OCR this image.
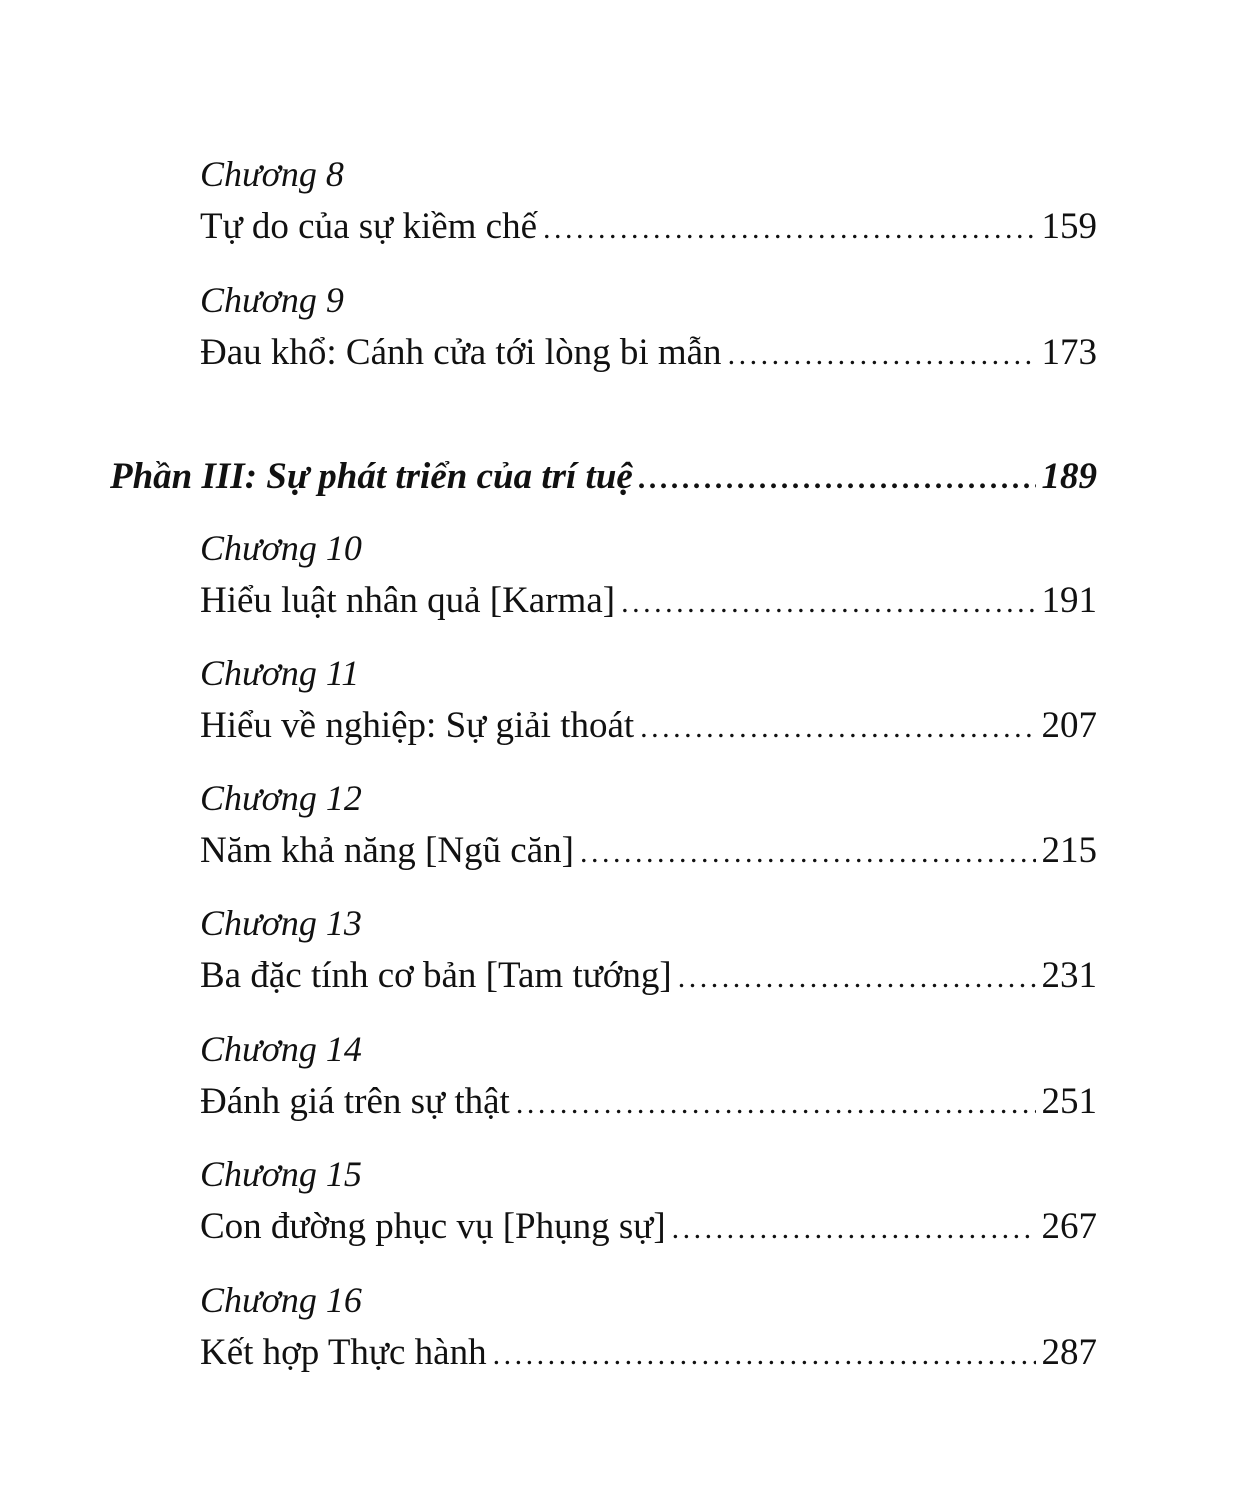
Chương 8
Tự do của sự kiềm chế . . .	159
Chương 9
Đau khổ: Cánh cửa tới lòng bi mẫn . . .	173
Phần III: Sự phát triển của trí tuệ . . .	189
Chương 10
Hiểu luật nhân quả [Karma] . . .	191
Chương 11
Hiểu về nghiệp: Sự giải thoát . . .	207
Chương 12
Năm khả năng [Ngũ căn] . . .	215
Chương 13
Ba đặc tính cơ bản [Tam tướng] . . .	231
Chương 14
Đánh giá trên sự thật . . .	251
Chương 15
Con đường phục vụ [Phụng sự] . . .	267
Chương 16
Kết hợp Thực hành . . .	287
